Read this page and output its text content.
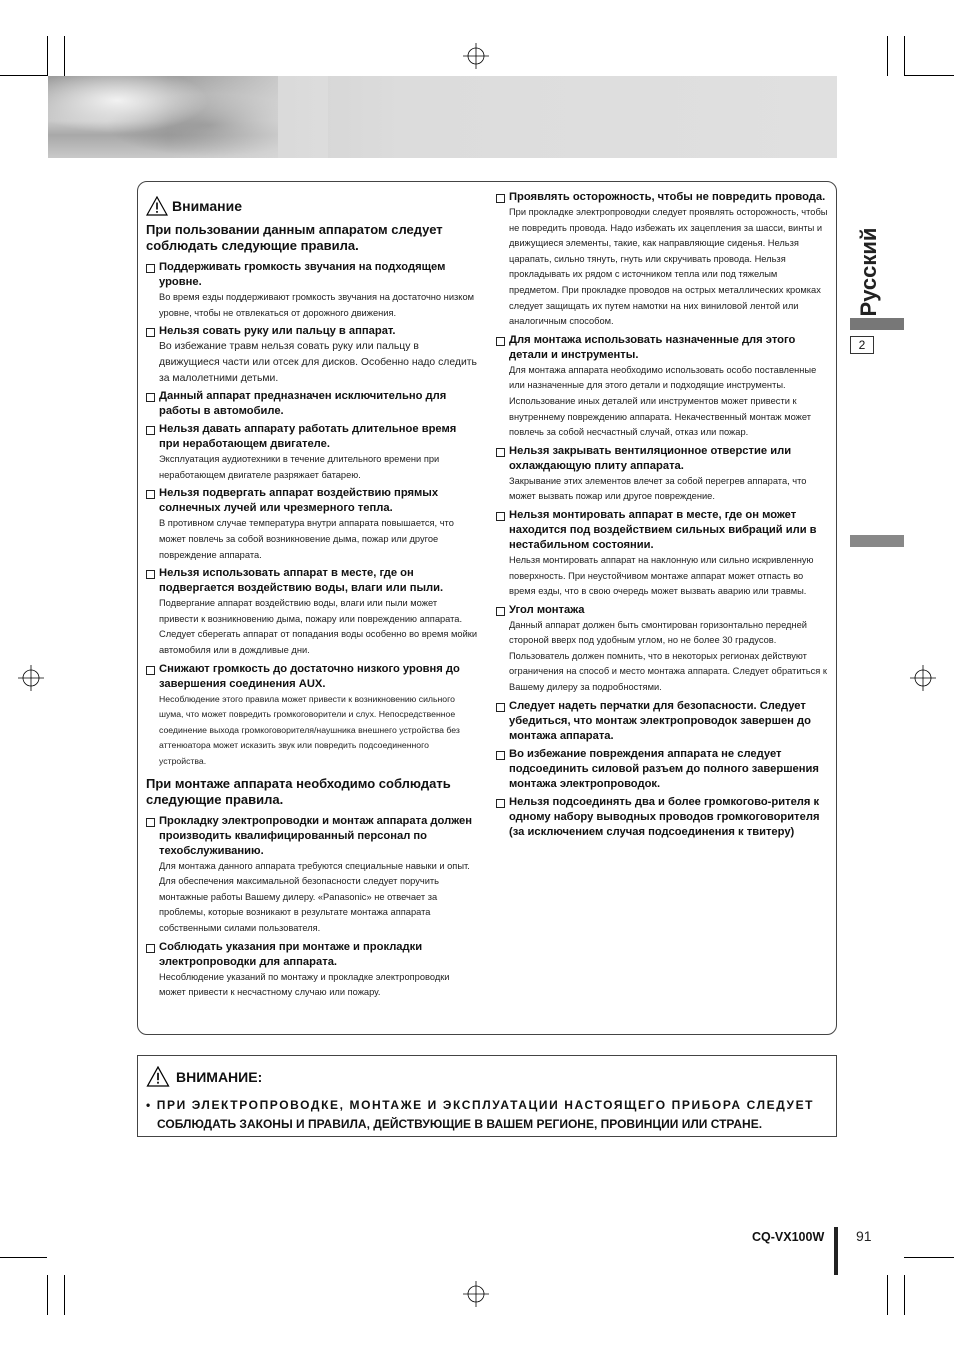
Русский
2
Внимание
При пользовании данным аппаратом следует соблюдать следующие правила.
Поддерживать громкость звучания на подходящем уровне.
Во время езды поддерживают громкость звучания на достаточно низком уровне, чтобы не отвлекаться от дорожного движения.
Нельзя совать руку или пальцу в аппарат.
Во избежание травм нельзя совать руку или пальцу в движущиеся части или отсек для дисков. Особенно надо следить за малолетними детьми.
Данный аппарат предназначен исключительно для работы в автомобиле.
Нельзя давать аппарату работать длительное время при неработающем двигателе.
Эксплуатация аудиотехники в течение длительного времени при неработающем двигателе разряжает батарею.
Нельзя подвергать аппарат воздействию прямых солнечных лучей или чрезмерного тепла.
В противном случае температура внутри аппарата повышается, что может повлечь за собой возникновение дыма, пожар или другое повреждение аппарата.
Нельзя использовать аппарат в месте, где он подвергается воздействию воды, влаги или пыли.
Подвергание аппарат воздействию воды, влаги или пыли может привести к возникновению дыма, пожару или повреждению аппарата. Следует сберегать аппарат от попадания воды особенно во время мойки автомобиля или в дождливые дни.
Снижают громкость до достаточно низкого уровня до завершения соединения AUX.
Несоблюдение этого правила может привести к возникновению сильного шума, что может повредить громкоговорители и слух. Непосредственное соединение выхода громкоговорителя/наушника внешнего устройства без аттенюатора может исказить звук или повредить подсоединенного устройства.
При монтаже аппарата необходимо соблюдать следующие правила.
Прокладку электропроводки и монтаж аппарата должен производить квалифицированный персонал по техобслуживанию.
Для монтажа данного аппарата требуются специальные навыки и опыт. Для обеспечения максимальной безопасности следует поручить монтажные работы Вашему дилеру. «Panasonic» не отвечает за проблемы, которые возникают в результате монтажа аппарата собственными силами пользователя.
Соблюдать указания при монтаже и прокладки электропроводки для аппарата.
Несоблюдение указаний по монтажу и прокладке электропроводки может привести к несчастному случаю или пожару.
Проявлять осторожность, чтобы не повредить провода.
При прокладке электропроводки следует проявлять осторожность, чтобы не повредить провода. Надо избежать их зацепления за шасси, винты и движущиеся элементы, такие, как направляющие сиденья. Нельзя царапать, сильно тянуть, гнуть или скручивать провода. Нельзя прокладывать их рядом с источником тепла или под тяжелым предметом. При прокладке проводов на острых металлических кромках следует защищать их путем намотки на них виниловой лентой или аналогичным способом.
Для монтажа использовать назначенные для этого детали и инструменты.
Для монтажа аппарата необходимо использовать особо поставленные или назначенные для этого детали и подходящие инструменты. Использование иных деталей или инструментов может привести к внутреннему повреждению аппарата. Некачественный монтаж может повлечь за собой несчастный случай, отказ или пожар.
Нельзя закрывать вентиляционное отверстие или охлаждающую плиту аппарата.
Закрывание этих элементов влечет за собой перегрев аппарата, что может вызвать пожар или другое повреждение.
Нельзя монтировать аппарат в месте, где он может находится под воздействием сильных вибраций или в нестабильном состоянии.
Нельзя монтировать аппарат на наклонную или сильно искривленную поверхность. При неустойчивом монтаже аппарат может отпасть во время езды, что в свою очередь может вызвать аварию или травмы.
Угол монтажа
Данный аппарат должен быть смонтирован горизонтально передней стороной вверх под удобным углом, но не более 30 градусов. Пользователь должен помнить, что в некоторых регионах действуют ограничения на способ и место монтажа аппарата. Следует обратиться к Вашему дилеру за подробностями.
Следует надеть перчатки для безопасности. Следует убедиться, что монтаж электропроводок завершен до монтажа аппарата.
Во избежание повреждения аппарата не следует подсоединить силовой разъем до полного завершения монтажа электропроводок.
Нельзя подсоединять два и более громкогово-рителя к одному набору выводных проводов громкоговорителя (за исключением случая подсоединения к твитеру)
ВНИМАНИЕ:
• ПРИ ЭЛЕКТРОПРОВОДКЕ, МОНТАЖЕ И ЭКСПЛУАТАЦИИ НАСТОЯЩЕГО ПРИБОРА СЛЕДУЕТ
СОБЛЮДАТЬ ЗАКОНЫ И ПРАВИЛА, ДЕЙСТВУЮЩИЕ В ВАШЕМ РЕГИОНЕ, ПРОВИНЦИИ ИЛИ СТРАНЕ.
CQ-VX100W 91
